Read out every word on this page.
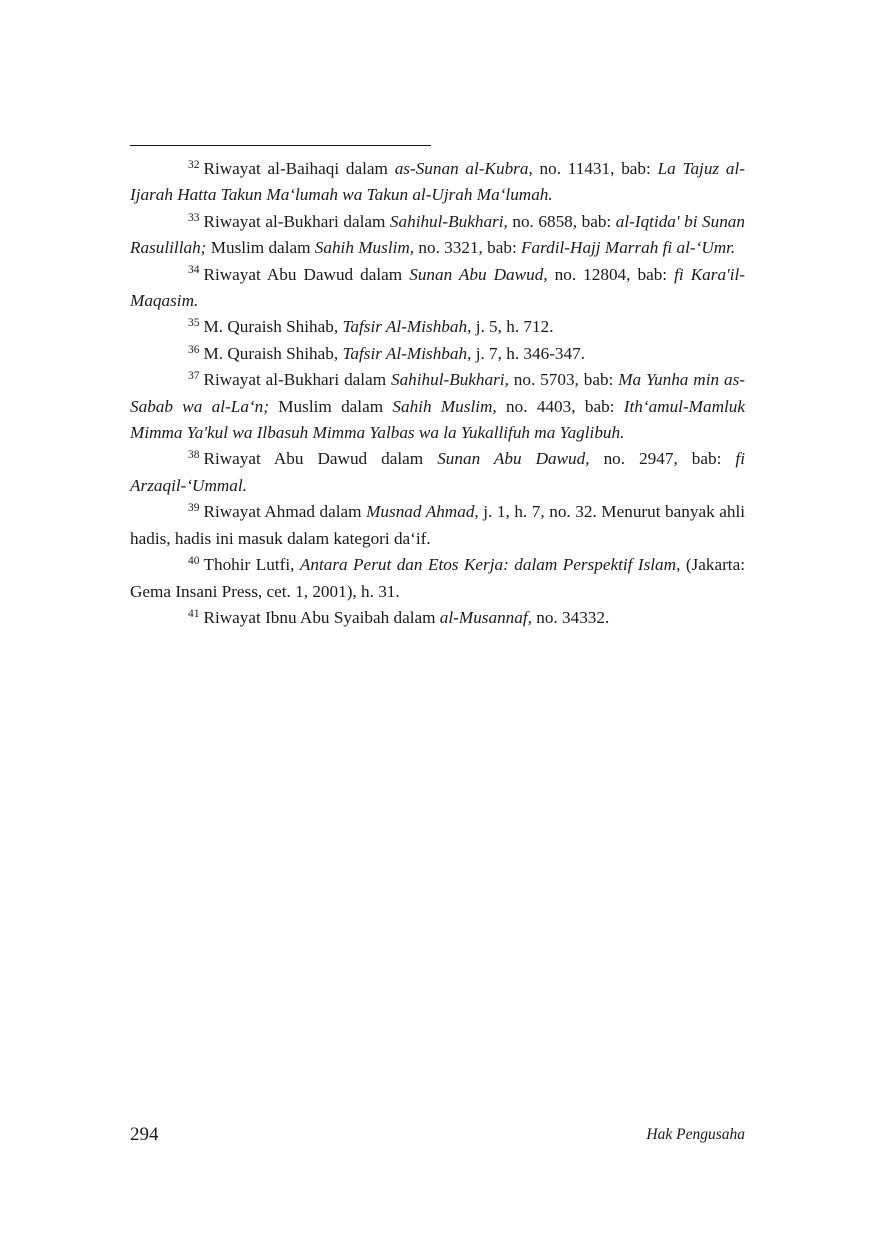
$^{32}$ Riwayat al-Baihaqi dalam as-Sunan al-Kubra, no. 11431, bab: La Tajuz al-Ijarah Hatta Takun Ma‘lumah wa Takun al-Ujrah Ma‘lumah.

$^{33}$ Riwayat al-Bukhari dalam Sahihul-Bukhari, no. 6858, bab: al-Iqtida' bi Sunan Rasulillah; Muslim dalam Sahih Muslim, no. 3321, bab: Fardil-Hajj Marrah fi al-‘Umr.

$^{34}$ Riwayat Abu Dawud dalam Sunan Abu Dawud, no. 12804, bab: fi Kara'il-Maqasim.

$^{35}$ M. Quraish Shihab, Tafsir Al-Mishbah, j. 5, h. 712.

$^{36}$ M. Quraish Shihab, Tafsir Al-Mishbah, j. 7, h. 346-347.

$^{37}$ Riwayat al-Bukhari dalam Sahihul-Bukhari, no. 5703, bab: Ma Yunha min as-Sabab wa al-La‘n; Muslim dalam Sahih Muslim, no. 4403, bab: Ith‘amul-Mamluk Mimma Ya'kul wa Ilbasuh Mimma Yalbas wa la Yukallifuh ma Yaglibuh.

$^{38}$ Riwayat Abu Dawud dalam Sunan Abu Dawud, no. 2947, bab: fi Arzaqil-‘Ummal.

$^{39}$ Riwayat Ahmad dalam Musnad Ahmad, j. 1, h. 7, no. 32. Menurut banyak ahli hadis, hadis ini masuk dalam kategori da‘if.

$^{40}$ Thohir Lutfi, Antara Perut dan Etos Kerja: dalam Perspektif Islam, (Jakarta: Gema Insani Press, cet. 1, 2001), h. 31.

$^{41}$ Riwayat Ibnu Abu Syaibah dalam al-Musannaf, no. 34332.

294	Hak Pengusaha
